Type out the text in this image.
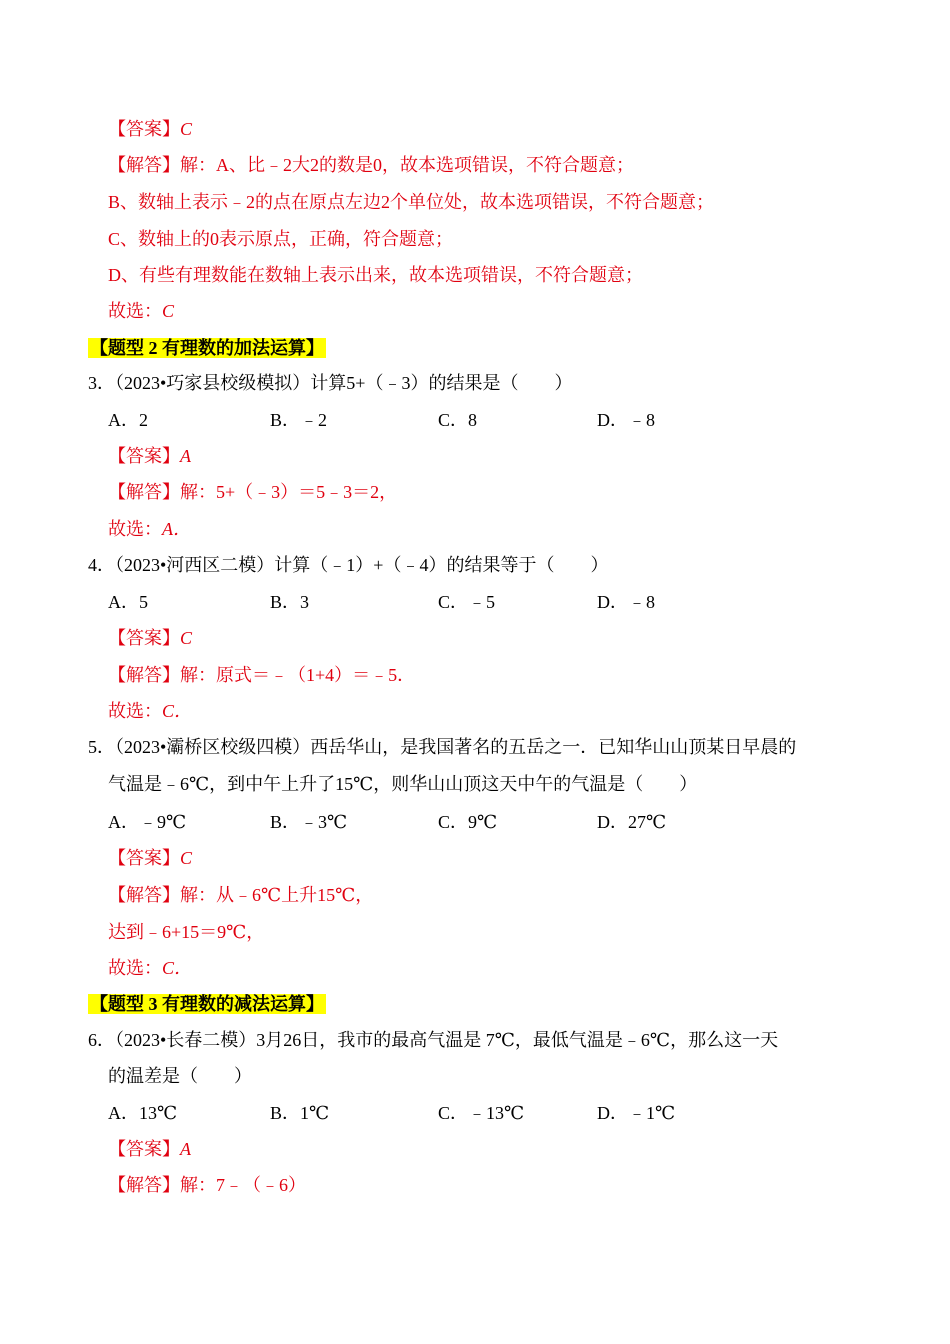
【答案】C
【解答】解：A、比﹣2大2的数是0，故本选项错误，不符合题意；
B、数轴上表示﹣2的点在原点左边2个单位处，故本选项错误，不符合题意；
C、数轴上的0表示原点，正确，符合题意；
D、有些有理数能在数轴上表示出来，故本选项错误，不符合题意；
故选：C
【题型 2 有理数的加法运算】
3．（2023•巧家县校级模拟）计算5+（﹣3）的结果是（　　）
A．2	B．﹣2	C．8	D．﹣8
【答案】A
【解答】解：5+（﹣3）＝5﹣3＝2，
故选：A．
4．（2023•河西区二模）计算（﹣1）+（﹣4）的结果等于（　　）
A．5	B．3	C．﹣5	D．﹣8
【答案】C
【解答】解：原式＝﹣（1+4）＝﹣5．
故选：C．
5．（2023•灞桥区校级四模）西岳华山，是我国著名的五岳之一．已知华山山顶某日早晨的
气温是﹣6℃，到中午上升了15℃，则华山山顶这天中午的气温是（　　）
A．﹣9℃	B．﹣3℃	C．9℃	D．27℃
【答案】C
【解答】解：从﹣6℃上升15℃，
达到﹣6+15＝9℃，
故选：C．
【题型 3 有理数的减法运算】
6．（2023•长春二模）3月26日，我市的最高气温是 7℃，最低气温是﹣6℃，那么这一天
的温差是（　　）
A．13℃	B．1℃	C．﹣13℃	D．﹣1℃
【答案】A
【解答】解：7﹣（﹣6）
